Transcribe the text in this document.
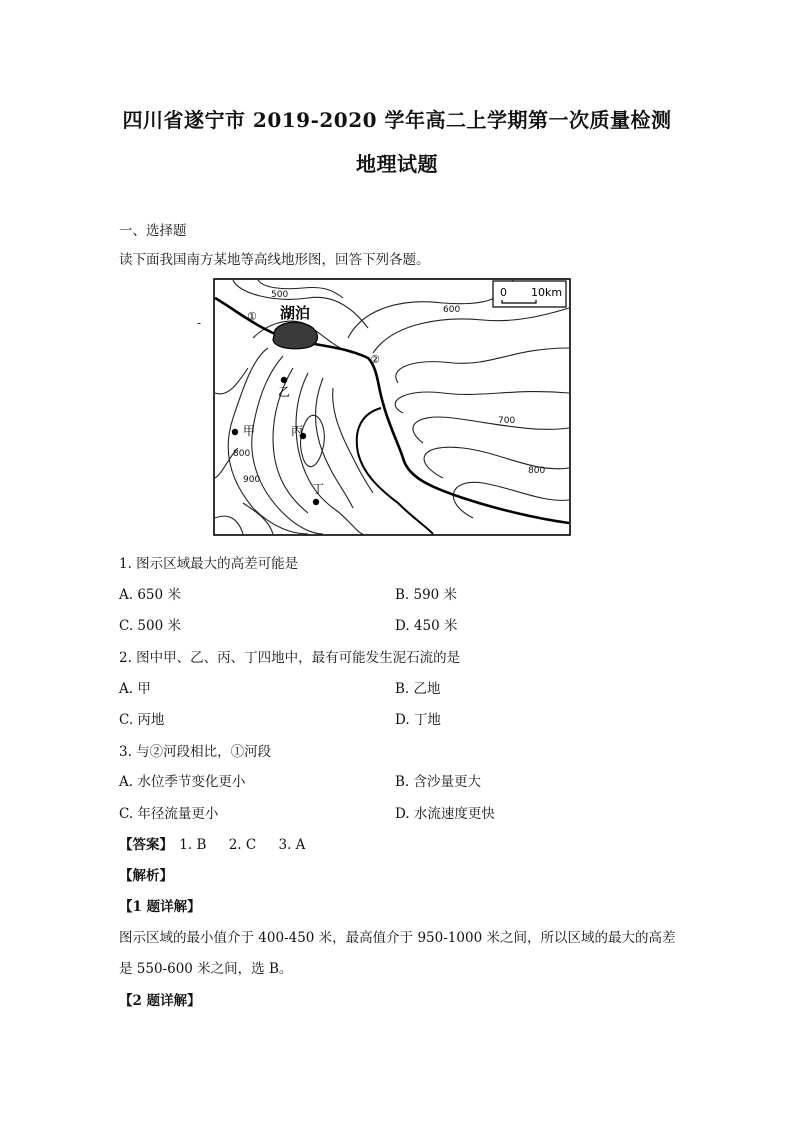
四川省遂宁市 2019-2020 学年高二上学期第一次质量检测
地理试题
一、选择题
读下面我国南方某地等高线地形图，回答下列各题。
湖泊
0 10km
500
600
700
800
800
900
①
②
乙
甲	丙
丁
-
1. 图示区域最大的高差可能是
A. 650 米	B. 590 米
C. 500 米	D. 450 米
2. 图中甲、乙、丙、丁四地中，最有可能发生泥石流的是
A. 甲	B. 乙地
C. 丙地	D. 丁地
3. 与②河段相比，①河段
A. 水位季节变化更小	B. 含沙量更大
C. 年径流量更小	D. 水流速度更快
【答案】 1. B 2. C 3. A
【解析】
【1 题详解】
图示区域的最小值介于 400-450 米，最高值介于 950-1000 米之间，所以区域的最大的高差
是 550-600 米之间，选 B。
【2 题详解】
